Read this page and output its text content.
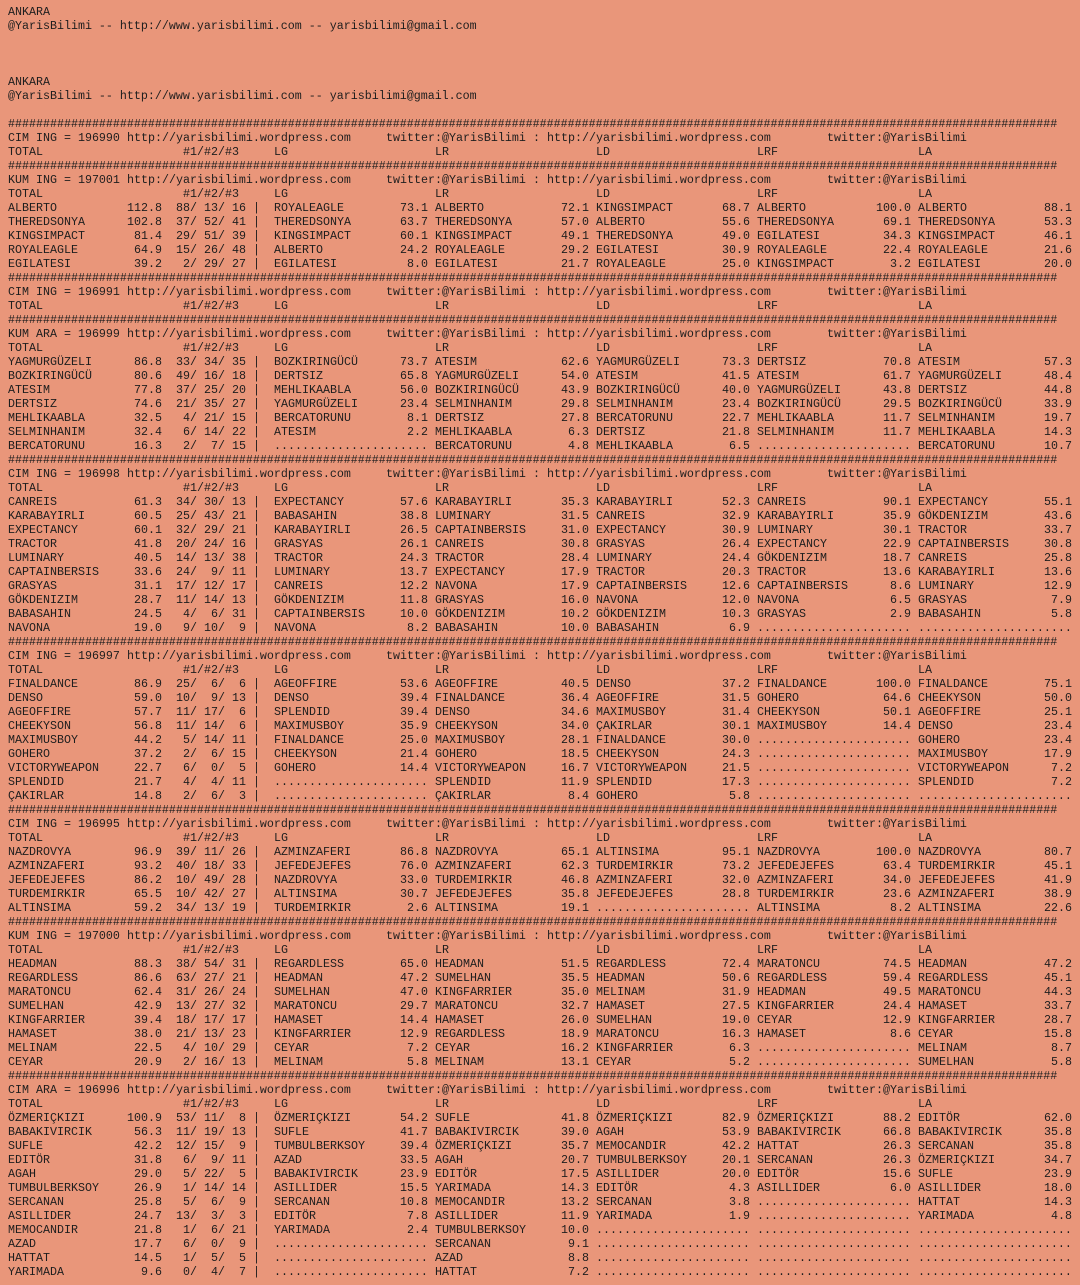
ANKARA
@YarisBilimi -- http://www.yarisbilimi.com -- yarisbilimi@gmail.com
ANKARA
@YarisBilimi -- http://www.yarisbilimi.com -- yarisbilimi@gmail.com
######################################################################################################################################################
CIM ING = 196990 http://yarisbilimi.wordpress.com	twitter:@YarisBilimi : http://yarisbilimi.wordpress.com	twitter:@YarisBilimi
TOTAL	#1/#2/#3	LG	LR	LD	LRF	LA
######################################################################################################################################################
KUM ING = 197001 http://yarisbilimi.wordpress.com	twitter:@YarisBilimi : http://yarisbilimi.wordpress.com	twitter:@YarisBilimi
TOTAL	#1/#2/#3	LG	LR	LD	LRF	LA
ALBERTO	112.8 88/ 13/ 16 | ROYALEAGLE	73.1 ALBERTO	72.1 KINGSIMPACT	68.7 ALBERTO	100.0 ALBERTO	88.1
THEREDSONYA	102.8 37/ 52/ 41 | THEREDSONYA	63.7 THEREDSONYA	57.0 ALBERTO	55.6 THEREDSONYA	69.1 THEREDSONYA	53.3
KINGSIMPACT	81.4 29/ 51/ 39 | KINGSIMPACT	60.1 KINGSIMPACT	49.1 THEREDSONYA	49.0 EGILATESI	34.3 KINGSIMPACT	46.1
ROYALEAGLE	64.9 15/ 26/ 48 | ALBERTO	24.2 ROYALEAGLE	29.2 EGILATESI	30.9 ROYALEAGLE	22.4 ROYALEAGLE	21.6
EGILATESI	39.2 2/ 29/ 27 | EGILATESI	8.0 EGILATESI	21.7 ROYALEAGLE	25.0 KINGSIMPACT	3.2 EGILATESI	20.0
######################################################################################################################################################
CIM ING = 196991 http://yarisbilimi.wordpress.com	twitter:@YarisBilimi : http://yarisbilimi.wordpress.com	twitter:@YarisBilimi
TOTAL	#1/#2/#3	LG	LR	LD	LRF	LA
######################################################################################################################################################
KUM ARA = 196999 http://yarisbilimi.wordpress.com	twitter:@YarisBilimi : http://yarisbilimi.wordpress.com	twitter:@YarisBilimi
TOTAL	#1/#2/#3	LG	LR	LD	LRF	LA
YAGMURGÜZELI	86.8 33/ 34/ 35 | BOZKIRINGÜCÜ	73.7 ATESIM	62.6 YAGMURGÜZELI	73.3 DERTSIZ	70.8 ATESIM	57.3
BOZKIRINGÜCÜ	80.6 49/ 16/ 18 | DERTSIZ	65.8 YAGMURGÜZELI	54.0 ATESIM	41.5 ATESIM	61.7 YAGMURGÜZELI	48.4
ATESIM	77.8 37/ 25/ 20 | MEHLIKAABLA	56.0 BOZKIRINGÜCÜ	43.9 BOZKIRINGÜCÜ	40.0 YAGMURGÜZELI	43.8 DERTSIZ	44.8
DERTSIZ	74.6 21/ 35/ 27 | YAGMURGÜZELI	23.4 SELMINHANIM	29.8 SELMINHANIM	23.4 BOZKIRINGÜCÜ	29.5 BOZKIRINGÜCÜ	33.9
MEHLIKAABLA	32.5 4/ 21/ 15 | BERCATORUNU	8.1 DERTSIZ	27.8 BERCATORUNU	22.7 MEHLIKAABLA	11.7 SELMINHANIM	19.7
SELMINHANIM	32.4 6/ 14/ 22 | ATESIM	2.2 MEHLIKAABLA	6.3 DERTSIZ	21.8 SELMINHANIM	11.7 MEHLIKAABLA	14.3
BERCATORUNU	16.3 2/  7/ 15 | ...................... BERCATORUNU	4.8 MEHLIKAABLA	6.5 ...................... BERCATORUNU	10.7
######################################################################################################################################################
CIM ING = 196998 http://yarisbilimi.wordpress.com	twitter:@YarisBilimi : http://yarisbilimi.wordpress.com	twitter:@YarisBilimi
TOTAL	#1/#2/#3	LG	LR	LD	LRF	LA
CANREIS	61.3 34/ 30/ 13 | EXPECTANCY	57.6 KARABAYIRLI	35.3 KARABAYIRLI	52.3 CANREIS	90.1 EXPECTANCY	55.1
KARABAYIRLI	60.5 25/ 43/ 21 | BABASAHIN	38.8 LUMINARY	31.5 CANREIS	32.9 KARABAYIRLI	35.9 GÖKDENIZIM	43.6
EXPECTANCY	60.1 32/ 29/ 21 | KARABAYIRLI	26.5 CAPTAINBERSIS	31.0 EXPECTANCY	30.9 LUMINARY	30.1 TRACTOR	33.7
TRACTOR	41.8 20/ 24/ 16 | GRASYAS	26.1 CANREIS	30.8 GRASYAS	26.4 EXPECTANCY	22.9 CAPTAINBERSIS	30.8
LUMINARY	40.5 14/ 13/ 38 | TRACTOR	24.3 TRACTOR	28.4 LUMINARY	24.4 GÖKDENIZIM	18.7 CANREIS	25.8
CAPTAINBERSIS	33.6 24/  9/ 11 | LUMINARY	13.7 EXPECTANCY	17.9 TRACTOR	20.3 TRACTOR	13.6 KARABAYIRLI	13.6
GRASYAS	31.1 17/ 12/ 17 | CANREIS	12.2 NAVONA	17.9 CAPTAINBERSIS	12.6 CAPTAINBERSIS	8.6 LUMINARY	12.9
GÖKDENIZIM	28.7 11/ 14/ 13 | GÖKDENIZIM	11.8 GRASYAS	16.0 NAVONA	12.0 NAVONA	6.5 GRASYAS	7.9
BABASAHIN	24.5 4/  6/ 31 | CAPTAINBERSIS	10.0 GÖKDENIZIM	10.2 GÖKDENIZIM	10.3 GRASYAS	2.9 BABASAHIN	5.8
NAVONA	19.0 9/ 10/  9 | NAVONA	8.2 BABASAHIN	10.0 BABASAHIN	6.9 ...................... ......................
######################################################################################################################################################
CIM ING = 196997 http://yarisbilimi.wordpress.com	twitter:@YarisBilimi : http://yarisbilimi.wordpress.com	twitter:@YarisBilimi
TOTAL	#1/#2/#3	LG	LR	LD	LRF	LA
FINALDANCE	86.9 25/  6/  6 | AGEOFFIRE	53.6 AGEOFFIRE	40.5 DENSO	37.2 FINALDANCE	100.0 FINALDANCE	75.1
DENSO	59.0 10/  9/ 13 | DENSO	39.4 FINALDANCE	36.4 AGEOFFIRE	31.5 GOHERO	64.6 CHEEKYSON	50.0
AGEOFFIRE	57.7 11/ 17/  6 | SPLENDID	39.4 DENSO	34.6 MAXIMUSBOY	31.4 CHEEKYSON	50.1 AGEOFFIRE	25.1
CHEEKYSON	56.8 11/ 14/  6 | MAXIMUSBOY	35.9 CHEEKYSON	34.0 ÇAKIRLAR	30.1 MAXIMUSBOY	14.4 DENSO	23.4
MAXIMUSBOY	44.2 5/ 14/ 11 | FINALDANCE	25.0 MAXIMUSBOY	28.1 FINALDANCE	30.0 ...................... GOHERO	23.4
GOHERO	37.2 2/  6/ 15 | CHEEKYSON	21.4 GOHERO	18.5 CHEEKYSON	24.3 ...................... MAXIMUSBOY	17.9
VICTORYWEAPON	22.7 6/  0/  5 | GOHERO	14.4 VICTORYWEAPON	16.7 VICTORYWEAPON	21.5 ...................... VICTORYWEAPON	7.2
SPLENDID	21.7 4/  4/ 11 | ...................... SPLENDID	11.9 SPLENDID	17.3 ...................... SPLENDID	7.2
ÇAKIRLAR	14.8 2/  6/  3 | ...................... ÇAKIRLAR	8.4 GOHERO	5.8 ...................... ......................
######################################################################################################################################################
CIM ING = 196995 http://yarisbilimi.wordpress.com	twitter:@YarisBilimi : http://yarisbilimi.wordpress.com	twitter:@YarisBilimi
TOTAL	#1/#2/#3	LG	LR	LD	LRF	LA
NAZDROVYA	96.9 39/ 11/ 26 | AZMINZAFERI	86.8 NAZDROVYA	65.1 ALTINSIMA	95.1 NAZDROVYA	100.0 NAZDROVYA	80.7
AZMINZAFERI	93.2 40/ 18/ 33 | JEFEDEJEFES	76.0 AZMINZAFERI	62.3 TURDEMIRKIR	73.2 JEFEDEJEFES	63.4 TURDEMIRKIR	45.1
JEFEDEJEFES	86.2 10/ 49/ 28 | NAZDROVYA	33.0 TURDEMIRKIR	46.8 AZMINZAFERI	32.0 AZMINZAFERI	34.0 JEFEDEJEFES	41.9
TURDEMIRKIR	65.5 10/ 42/ 27 | ALTINSIMA	30.7 JEFEDEJEFES	35.8 JEFEDEJEFES	28.8 TURDEMIRKIR	23.6 AZMINZAFERI	38.9
ALTINSIMA	59.2 34/ 13/ 19 | TURDEMIRKIR	2.6 ALTINSIMA	19.1 ...................... ALTINSIMA	8.2 ALTINSIMA	22.6
######################################################################################################################################################
KUM ING = 197000 http://yarisbilimi.wordpress.com	twitter:@YarisBilimi : http://yarisbilimi.wordpress.com	twitter:@YarisBilimi
TOTAL	#1/#2/#3	LG	LR	LD	LRF	LA
HEADMAN	88.3 38/ 54/ 31 | REGARDLESS	65.0 HEADMAN	51.5 REGARDLESS	72.4 MARATONCU	74.5 HEADMAN	47.2
REGARDLESS	86.6 63/ 27/ 21 | HEADMAN	47.2 SUMELHAN	35.5 HEADMAN	50.6 REGARDLESS	59.4 REGARDLESS	45.1
MARATONCU	62.4 31/ 26/ 24 | SUMELHAN	47.0 KINGFARRIER	35.0 MELINAM	31.9 HEADMAN	49.5 MARATONCU	44.3
SUMELHAN	42.9 13/ 27/ 32 | MARATONCU	29.7 MARATONCU	32.7 HAMASET	27.5 KINGFARRIER	24.4 HAMASET	33.7
KINGFARRIER	39.4 18/ 17/ 17 | HAMASET	14.4 HAMASET	26.0 SUMELHAN	19.0 CEYAR	12.9 KINGFARRIER	28.7
HAMASET	38.0 21/ 13/ 23 | KINGFARRIER	12.9 REGARDLESS	18.9 MARATONCU	16.3 HAMASET	8.6 CEYAR	15.8
MELINAM	22.5 4/ 10/ 29 | CEYAR	7.2 CEYAR	16.2 KINGFARRIER	6.3 ...................... MELINAM	8.7
CEYAR	20.9 2/ 16/ 13 | MELINAM	5.8 MELINAM	13.1 CEYAR	5.2 ...................... SUMELHAN	5.8
######################################################################################################################################################
CIM ARA = 196996 http://yarisbilimi.wordpress.com	twitter:@YarisBilimi : http://yarisbilimi.wordpress.com	twitter:@YarisBilimi
TOTAL	#1/#2/#3	LG	LR	LD	LRF	LA
ÖZMERIÇKIZI	100.9 53/ 11/  8 | ÖZMERIÇKIZI	54.2 SUFLE	41.8 ÖZMERIÇKIZI	82.9 ÖZMERIÇKIZI	88.2 EDITÖR	62.0
BABAKIVIRCIK	56.3 11/ 19/ 13 | SUFLE	41.7 BABAKIVIRCIK	39.0 AGAH	53.9 BABAKIVIRCIK	66.8 BABAKIVIRCIK	35.8
SUFLE	42.2 12/ 15/  9 | TUMBULBERKSOY	39.4 ÖZMERIÇKIZI	35.7 MEMOCANDIR	42.2 HATTAT	26.3 SERCANAN	35.8
EDITÖR	31.8 6/  9/ 11 | AZAD	33.5 AGAH	20.7 TUMBULBERKSOY	20.1 SERCANAN	26.3 ÖZMERIÇKIZI	34.7
AGAH	29.0 5/ 22/  5 | BABAKIVIRCIK	23.9 EDITÖR	17.5 ASILLIDER	20.0 EDITÖR	15.6 SUFLE	23.9
TUMBULBERKSOY	26.9 1/ 14/ 14 | ASILLIDER	15.5 YARIMADA	14.3 EDITÖR	4.3 ASILLIDER	6.0 ASILLIDER	18.0
SERCANAN	25.8 5/  6/  9 | SERCANAN	10.8 MEMOCANDIR	13.2 SERCANAN	3.8 ...................... HATTAT	14.3
ASILLIDER	24.7 13/  3/  3 | EDITÖR	7.8 ASILLIDER	11.9 YARIMADA	1.9 ...................... YARIMADA	4.8
MEMOCANDIR	21.8 1/  6/ 21 | YARIMADA	2.4 TUMBULBERKSOY	10.0 ...................... ...................... ......................
AZAD	17.7 6/  0/  9 | ...................... SERCANAN	9.1 ...................... ...................... ......................
HATTAT	14.5 1/  5/  5 | ...................... AZAD	8.8 ...................... ...................... ......................
YARIMADA	9.6 0/  4/  7 | ...................... HATTAT	7.2 ...................... ...................... ......................
